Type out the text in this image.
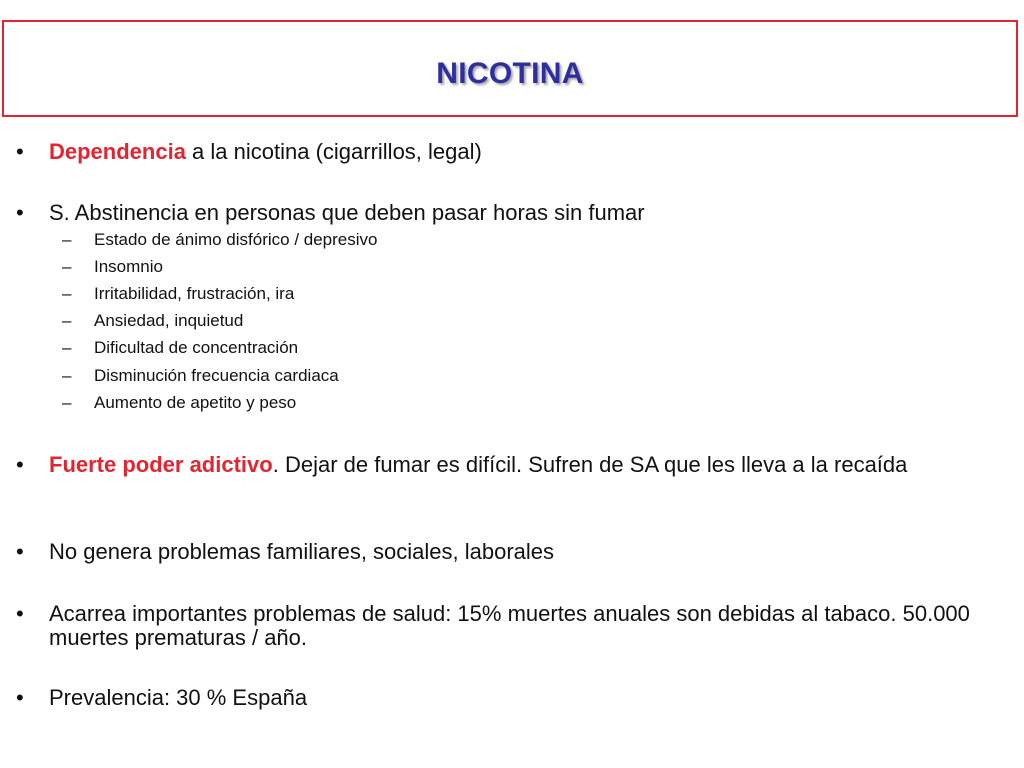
NICOTINA
•	Dependencia a la nicotina (cigarrillos, legal)
•	S. Abstinencia en personas que deben pasar horas sin fumar
– Estado de ánimo disfórico / depresivo
– Insomnio
– Irritabilidad, frustración, ira
– Ansiedad, inquietud
– Dificultad de concentración
– Disminución frecuencia cardiaca
– Aumento de apetito y peso
•	Fuerte poder adictivo. Dejar de fumar es difícil. Sufren de SA que les lleva a la recaída
•	No genera problemas familiares, sociales, laborales
•	Acarrea importantes problemas de salud: 15% muertes anuales son debidas al tabaco. 50.000 muertes prematuras / año.
•	Prevalencia: 30 % España
